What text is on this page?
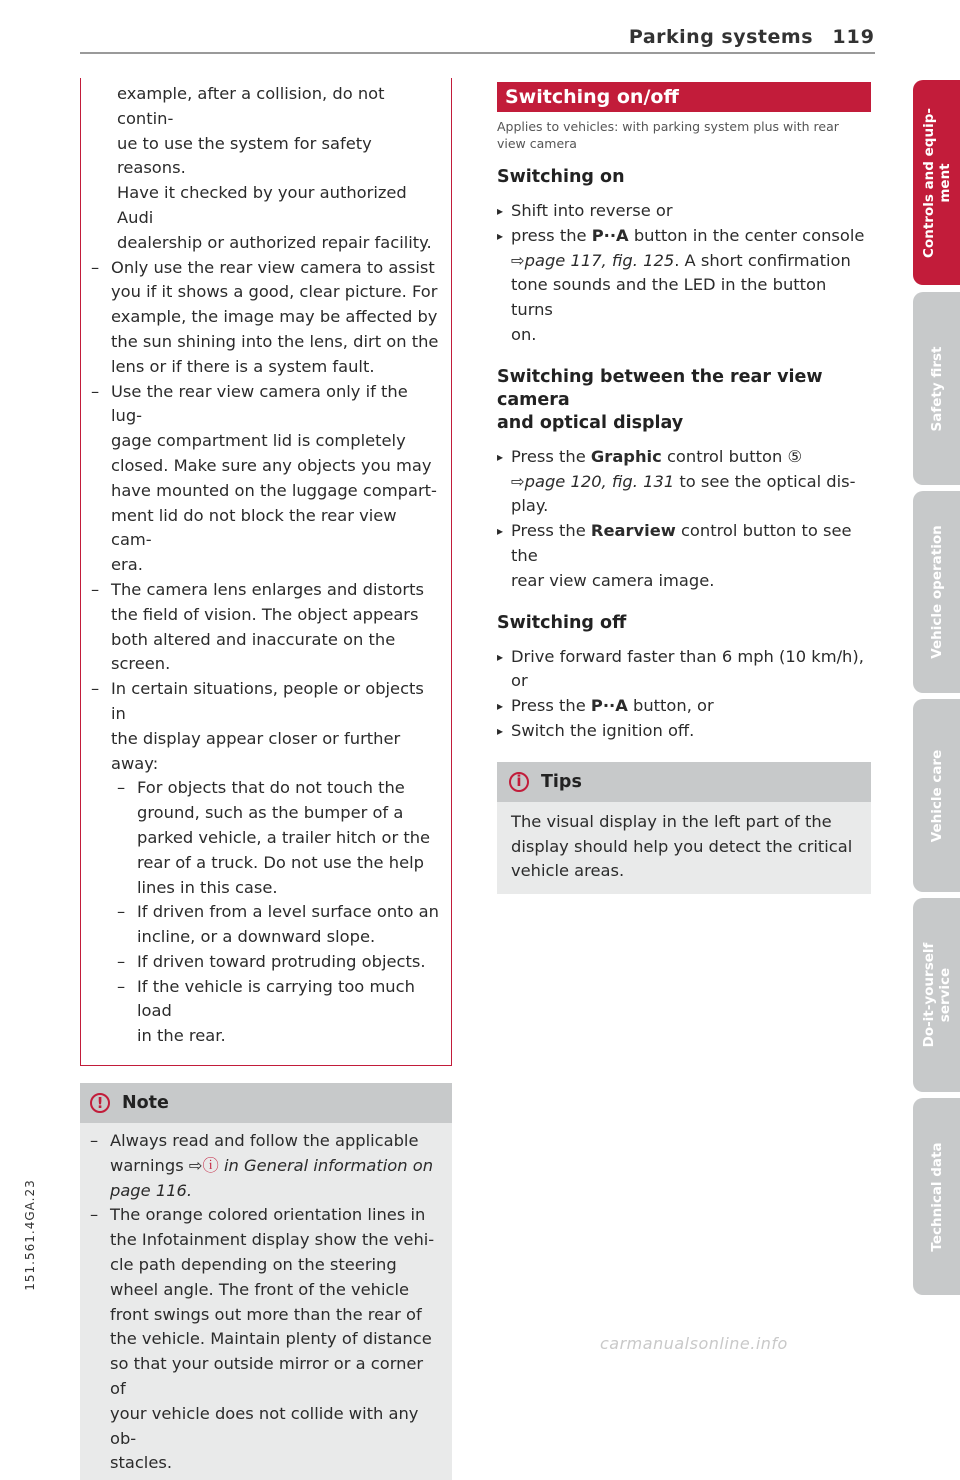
Parking systems 119

example, after a collision, do not contin-

ue to use the system for safety reasons.

Have it checked by your authorized Audi

dealership or authorized repair facility.

– Only use the rear view camera to assist

you if it shows a good, clear picture. For

example, the image may be affected by

the sun shining into the lens, dirt on the

lens or if there is a system fault.

– Use the rear view camera only if the lug-

gage compartment lid is completely

closed. Make sure any objects you may

have mounted on the luggage compart-

ment lid do not block the rear view cam-

era.

– The camera lens enlarges and distorts

the field of vision. The object appears

both altered and inaccurate on the

screen.

– In certain situations, people or objects in

the display appear closer or further

away:

– For objects that do not touch the

ground, such as the bumper of a

parked vehicle, a trailer hitch or the

rear of a truck. Do not use the help

lines in this case.

– If driven from a level surface onto an

incline, or a downward slope.

– If driven toward protruding objects.

– If the vehicle is carrying too much load

in the rear.

!	Note
– Always read and follow the applicable

warnings ⇨ⓘ in General information on

page 116.

– The orange colored orientation lines in

the Infotainment display show the vehi-

cle path depending on the steering

wheel angle. The front of the vehicle

front swings out more than the rear of

the vehicle. Maintain plenty of distance

so that your outside mirror or a corner of

your vehicle does not collide with any ob-

stacles.

Switching on/off
Applies to vehicles: with parking system plus with rear view camera

Switching on

▸ Shift into reverse or

▸ press the P··A button in the center console

⇨page 117, fig. 125. A short confirmation

tone sounds and the LED in the button turns

on.

Switching between the rear view camera
and optical display

▸ Press the Graphic control button ⑤

⇨page 120, fig. 131 to see the optical dis-

play.

▸ Press the Rearview control button to see the

rear view camera image.

Switching off

▸ Drive forward faster than 6 mph (10 km/h),

or

▸ Press the P··A button, or

▸ Switch the ignition off.

i	Tips

The visual display in the left part of the

display should help you detect the critical

vehicle areas.

Controls and equip-
ment
Safety first
Vehicle operation
Vehicle care
Do-it-yourself
service
Technical data
151.561.4GA.23
carmanualsonline.info
